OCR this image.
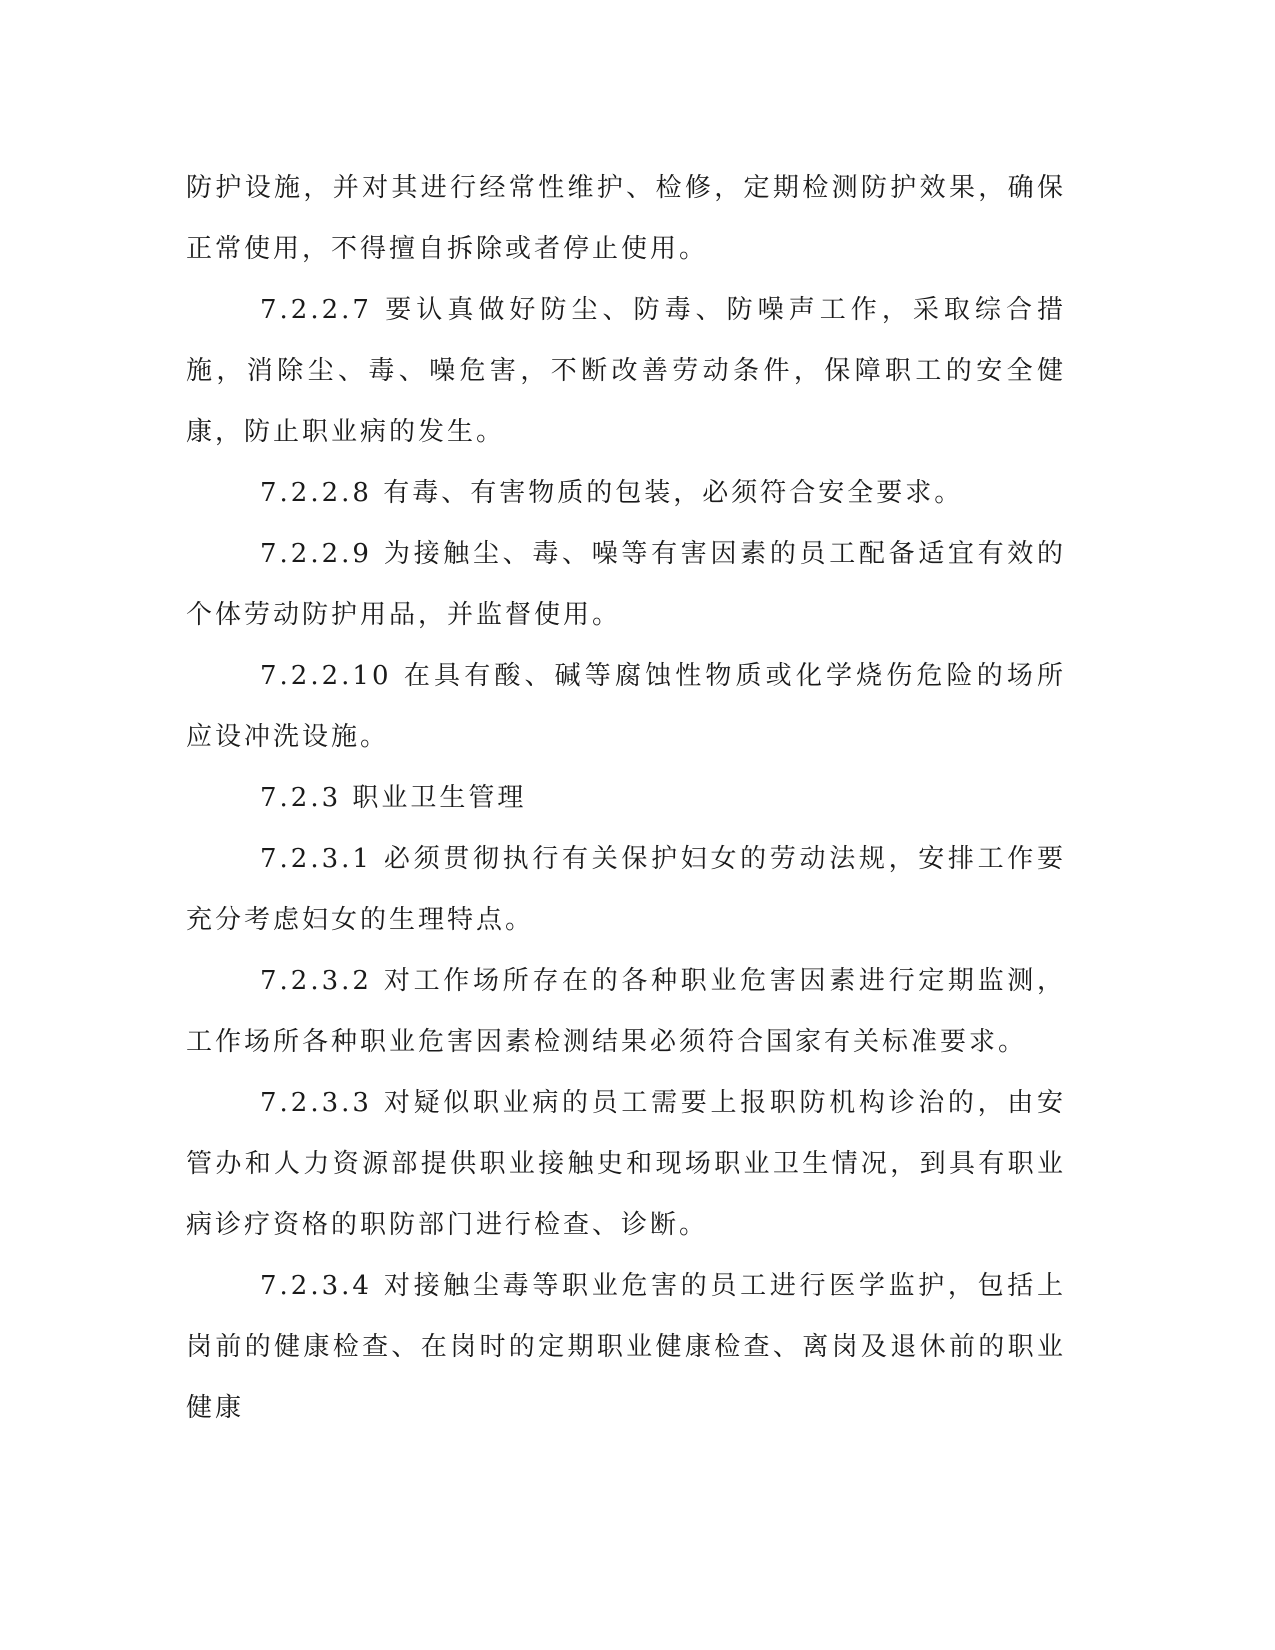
防护设施，并对其进行经常性维护、检修，定期检测防护效果，确保正常使用，不得擅自拆除或者停止使用。

7.2.2.7 要认真做好防尘、防毒、防噪声工作，采取综合措施，消除尘、毒、噪危害，不断改善劳动条件，保障职工的安全健康，防止职业病的发生。

7.2.2.8 有毒、有害物质的包装，必须符合安全要求。

7.2.2.9 为接触尘、毒、噪等有害因素的员工配备适宜有效的个体劳动防护用品，并监督使用。

7.2.2.10 在具有酸、碱等腐蚀性物质或化学烧伤危险的场所应设冲洗设施。

7.2.3 职业卫生管理

7.2.3.1 必须贯彻执行有关保护妇女的劳动法规，安排工作要充分考虑妇女的生理特点。

7.2.3.2 对工作场所存在的各种职业危害因素进行定期监测，工作场所各种职业危害因素检测结果必须符合国家有关标准要求。

7.2.3.3 对疑似职业病的员工需要上报职防机构诊治的，由安管办和人力资源部提供职业接触史和现场职业卫生情况，到具有职业病诊疗资格的职防部门进行检查、诊断。

7.2.3.4 对接触尘毒等职业危害的员工进行医学监护，包括上岗前的健康检查、在岗时的定期职业健康检查、离岗及退休前的职业健康
